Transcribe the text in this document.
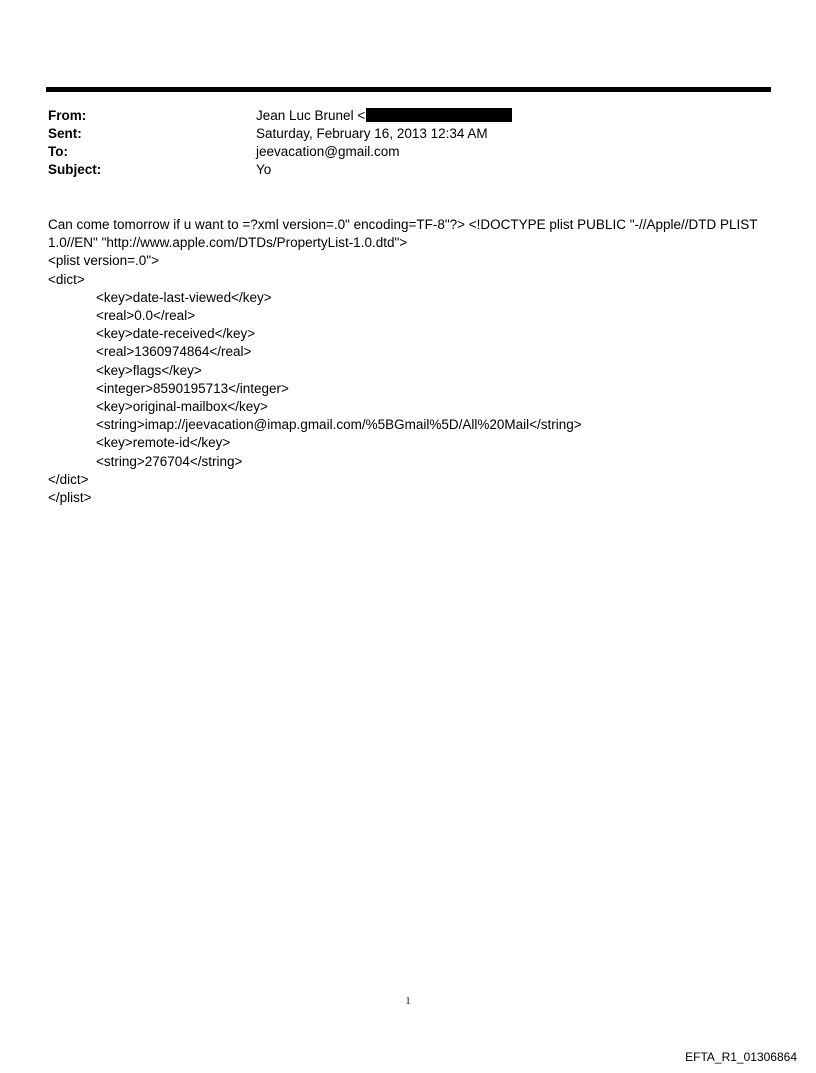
From:	Jean Luc Brunel <
Sent:	Saturday, February 16, 2013 12:34 AM
To:	jeevacation@gmail.com
Subject:	Yo
Can come tomorrow if u want to =?xml version=.0" encoding=TF-8"?> <!DOCTYPE plist PUBLIC "-//Apple//DTD PLIST
1.0//EN" "http://www.apple.com/DTDs/PropertyList-1.0.dtd">
<plist version=.0">
<dict>
<key>date-last-viewed</key>
<real>0.0</real>
<key>date-received</key>
<real>1360974864</real>
<key>flags</key>
<integer>8590195713</integer>
<key>original-mailbox</key>
<string>imap://jeevacation@imap.gmail.com/%5BGmail%5D/All%20Mail</string>
<key>remote-id</key>
<string>276704</string>
</dict>
</plist>
1
EFTA_R1_01306864
